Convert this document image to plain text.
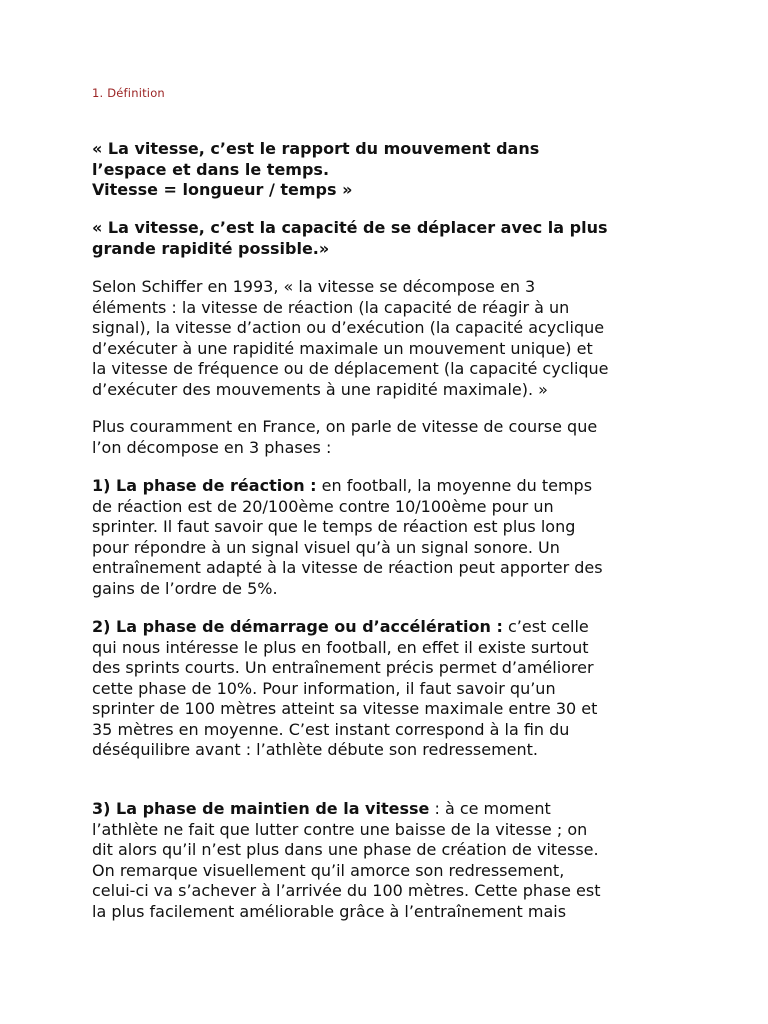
1. Définition

« La vitesse, c’est le rapport du mouvement dans
l’espace et dans le temps.
Vitesse = longueur / temps »

« La vitesse, c’est la capacité de se déplacer avec la plus
grande rapidité possible.»

Selon Schiffer en 1993, « la vitesse se décompose en 3
éléments : la vitesse de réaction (la capacité de réagir à un
signal), la vitesse d’action ou d’exécution (la capacité acyclique
d’exécuter à une rapidité maximale un mouvement unique) et
la vitesse de fréquence ou de déplacement (la capacité cyclique
d’exécuter des mouvements à une rapidité maximale). »

Plus couramment en France, on parle de vitesse de course que
l’on décompose en 3 phases :

1) La phase de réaction : en football, la moyenne du temps
de réaction est de 20/100ème contre 10/100ème pour un
sprinter. Il faut savoir que le temps de réaction est plus long
pour répondre à un signal visuel qu’à un signal sonore. Un
entraînement adapté à la vitesse de réaction peut apporter des
gains de l’ordre de 5%.

2) La phase de démarrage ou d’accélération : c’est celle
qui nous intéresse le plus en football, en effet il existe surtout
des sprints courts. Un entraînement précis permet d’améliorer
cette phase de 10%. Pour information, il faut savoir qu’un
sprinter de 100 mètres atteint sa vitesse maximale entre 30 et
35 mètres en moyenne. C’est instant correspond à la fin du
déséquilibre avant : l’athlète débute son redressement.

3) La phase de maintien de la vitesse : à ce moment
l’athlète ne fait que lutter contre une baisse de la vitesse ; on
dit alors qu’il n’est plus dans une phase de création de vitesse.
On remarque visuellement qu’il amorce son redressement,
celui-ci va s’achever à l’arrivée du 100 mètres. Cette phase est
la plus facilement améliorable grâce à l’entraînement mais
